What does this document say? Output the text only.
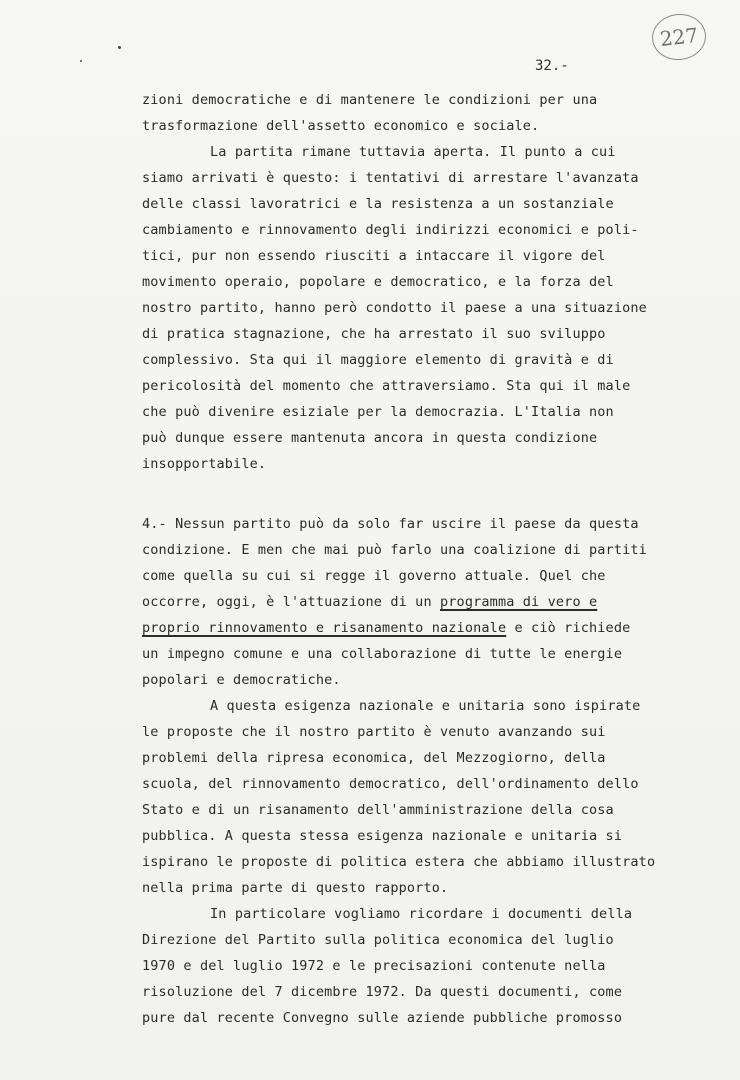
227
32.-
zioni democratiche e di mantenere le condizioni per una
trasformazione dell'assetto economico e sociale.
La partita rimane tuttavia aperta. Il punto a cui
siamo arrivati è questo: i tentativi di arrestare l'avanzata
delle classi lavoratrici e la resistenza a un sostanziale
cambiamento e rinnovamento degli indirizzi economici e poli-
tici, pur non essendo riusciti a intaccare il vigore del
movimento operaio, popolare e democratico, e la forza del
nostro partito, hanno però condotto il paese a una situazione
di pratica stagnazione, che ha arrestato il suo sviluppo
complessivo. Sta qui il maggiore elemento di gravità e di
pericolosità del momento che attraversiamo. Sta qui il male
che può divenire esiziale per la democrazia. L'Italia non
può dunque essere mantenuta ancora in questa condizione
insopportabile.
4.- Nessun partito può da solo far uscire il paese da questa
condizione. E men che mai può farlo una coalizione di partiti
come quella su cui si regge il governo attuale. Quel che
occorre, oggi, è l'attuazione di un programma di vero e
proprio rinnovamento e risanamento nazionale e ciò richiede
un impegno comune e una collaborazione di tutte le energie
popolari e democratiche.
A questa esigenza nazionale e unitaria sono ispirate
le proposte che il nostro partito è venuto avanzando sui
problemi della ripresa economica, del Mezzogiorno, della
scuola, del rinnovamento democratico, dell'ordinamento dello
Stato e di un risanamento dell'amministrazione della cosa
pubblica. A questa stessa esigenza nazionale e unitaria si
ispirano le proposte di politica estera che abbiamo illustrato
nella prima parte di questo rapporto.
In particolare vogliamo ricordare i documenti della
Direzione del Partito sulla politica economica del luglio
1970 e del luglio 1972 e le precisazioni contenute nella
risoluzione del 7 dicembre 1972. Da questi documenti, come
pure dal recente Convegno sulle aziende pubbliche promosso
